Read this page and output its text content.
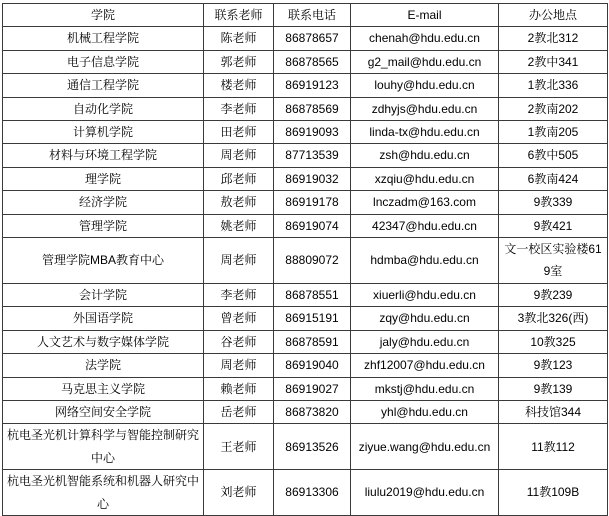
学院	联系老师	联系电话	E-mail	办公地点
机械工程学院	陈老师	86878657	chenah@hdu.edu.cn	2教北312
电子信息学院	郭老师	86878565	g2_mail@hdu.edu.cn	2教中341
通信工程学院	楼老师	86919123	louhy@hdu.edu.cn	1教北336
自动化学院	李老师	86878569	zdhyjs@hdu.edu.cn	2教南202
计算机学院	田老师	86919093	linda-tx@hdu.edu.cn	1教南205
材料与环境工程学院	周老师	87713539	zsh@hdu.edu.cn	6教中505
理学院	邱老师	86919032	xzqiu@hdu.edu.cn	6教南424
经济学院	敖老师	86919178	lnczadm@163.com	9教339
管理学院	姚老师	86919074	42347@hdu.edu.cn	9教421
管理学院MBA教育中心	周老师	88809072	hdmba@hdu.edu.cn	文一校区实验楼619室
会计学院	李老师	86878551	xiuerli@hdu.edu.cn	9教239
外国语学院	曾老师	86915191	zqy@hdu.edu.cn	3教北326(西)
人文艺术与数字媒体学院	谷老师	86878591	jaly@hdu.edu.cn	10教325
法学院	周老师	86919040	zhf12007@hdu.edu.cn	9教123
马克思主义学院	赖老师	86919027	mkstj@hdu.edu.cn	9教139
网络空间安全学院	岳老师	86873820	yhl@hdu.edu.cn	科技馆344
杭电圣光机计算科学与智能控制研究中心	王老师	86913526	ziyue.wang@hdu.edu.cn	11教112
杭电圣光机智能系统和机器人研究中心	刘老师	86913306	liulu2019@hdu.edu.cn	11教109B
